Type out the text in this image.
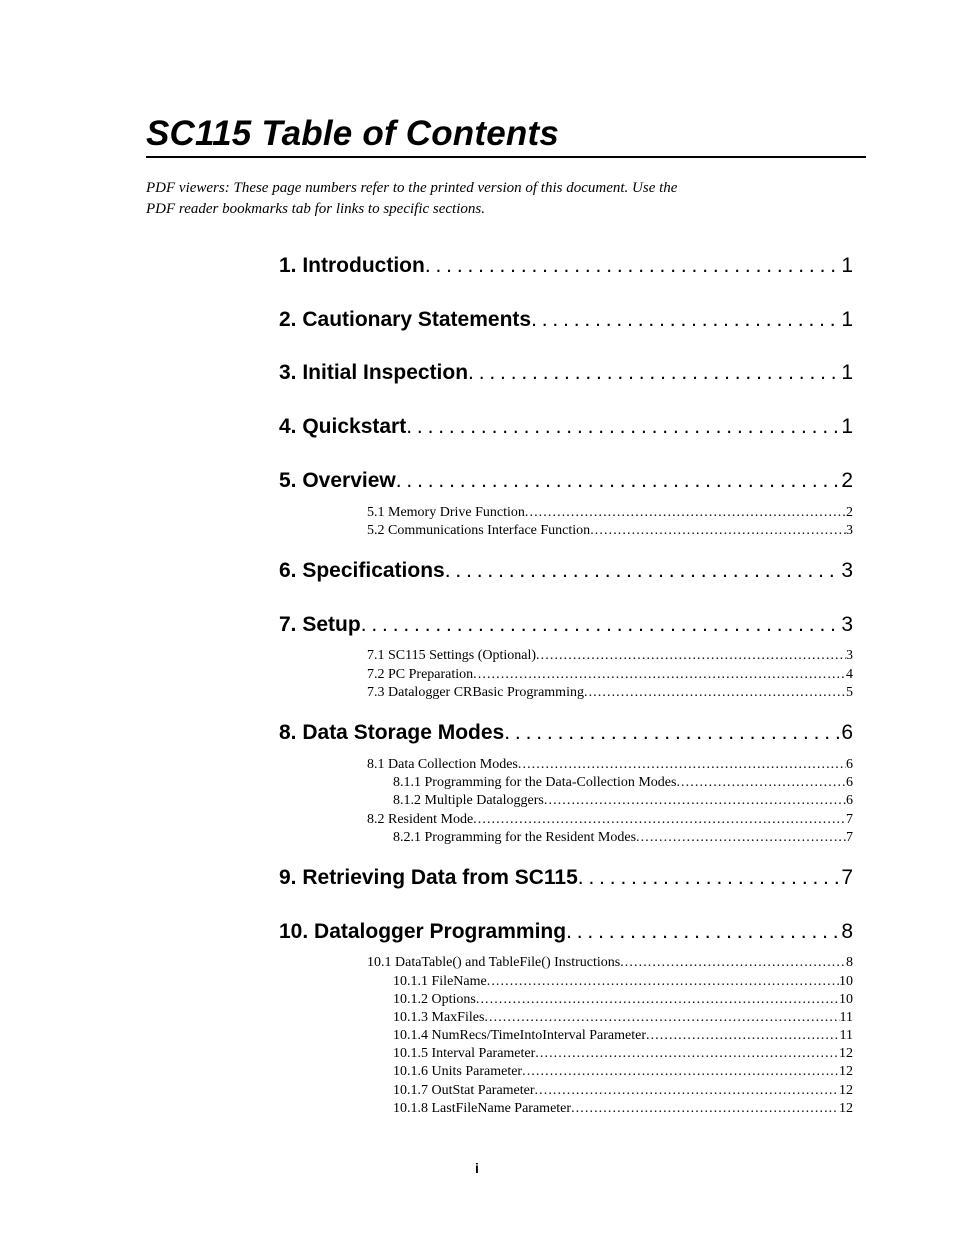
SC115 Table of Contents

PDF viewers: These page numbers refer to the printed version of this document. Use the
PDF reader bookmarks tab for links to specific sections.

1. Introduction . . .	1
2. Cautionary Statements . . .	1
3. Initial Inspection . . .	1
4. Quickstart . . .	1
5. Overview . . .	2
5.1 Memory Drive Function . . .	2
5.2 Communications Interface Function . . .	3
6. Specifications . . .	3
7. Setup . . .	3
7.1 SC115 Settings (Optional) . . .	3
7.2 PC Preparation . . .	4
7.3 Datalogger CRBasic Programming . . .	5
8. Data Storage Modes . . .	6
8.1 Data Collection Modes . . .	6
8.1.1 Programming for the Data-Collection Modes . . .	6
8.1.2 Multiple Dataloggers . . .	6
8.2 Resident Mode . . .	7
8.2.1 Programming for the Resident Modes . . .	7
9. Retrieving Data from SC115 . . .	7
10. Datalogger Programming . . .	8
10.1 DataTable() and TableFile() Instructions . . .	8
10.1.1 FileName . . .	10
10.1.2 Options . . .	10
10.1.3 MaxFiles . . .	11
10.1.4 NumRecs/TimeIntoInterval Parameter . . .	11
10.1.5 Interval Parameter . . .	12
10.1.6 Units Parameter . . .	12
10.1.7 OutStat Parameter . . .	12
10.1.8 LastFileName Parameter . . .	12
i
